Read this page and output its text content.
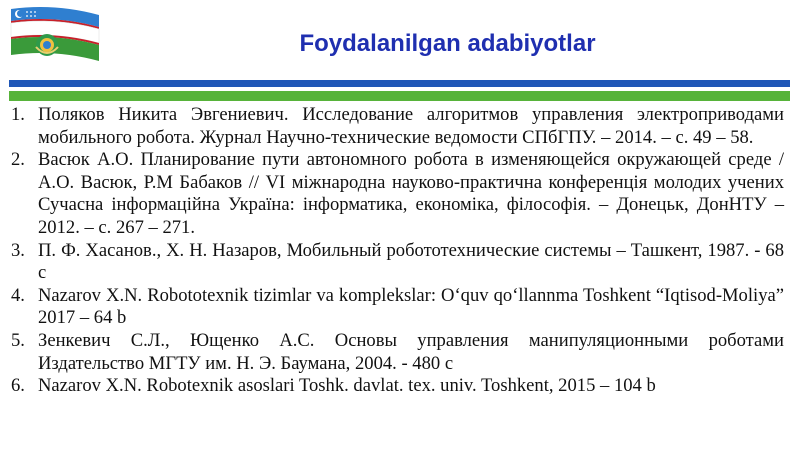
Foydalanilgan adabiyotlar
1. Поляков Никита Эвгениевич. Исследование алгоритмов управления электроприводами мобильного робота. Журнал Научно-технические ведомости СПбГПУ. – 2014. – с. 49 – 58.
2. Васюк А.О. Планирование пути автономного робота в изменяющейся окружающей среде / А.О. Васюк, Р.М Бабаков // VI міжнародна науково-практична конференція молодих учених Сучасна інформаційна Україна: інформатика, економіка, філософія. – Донецьк, ДонНТУ – 2012. – с. 267 – 271.
3. П. Ф. Хасанов., Х. Н. Назаров, Мобильный робототехнические системы – Ташкент, 1987. - 68 с
4. Nazarov X.N. Robototexnik tizimlar va komplekslar: O‘quv qo‘llannma Toshkent “Iqtisod-Moliya” 2017 – 64 b
5. Зенкевич С.Л., Ющенко А.С. Основы управления манипуляционными роботами Издательство МГТУ им. Н. Э. Баумана, 2004. - 480 с
6. Nazarov X.N. Robotexnik asoslari Toshk. davlat. tex. univ. Toshkent, 2015 – 104 b
